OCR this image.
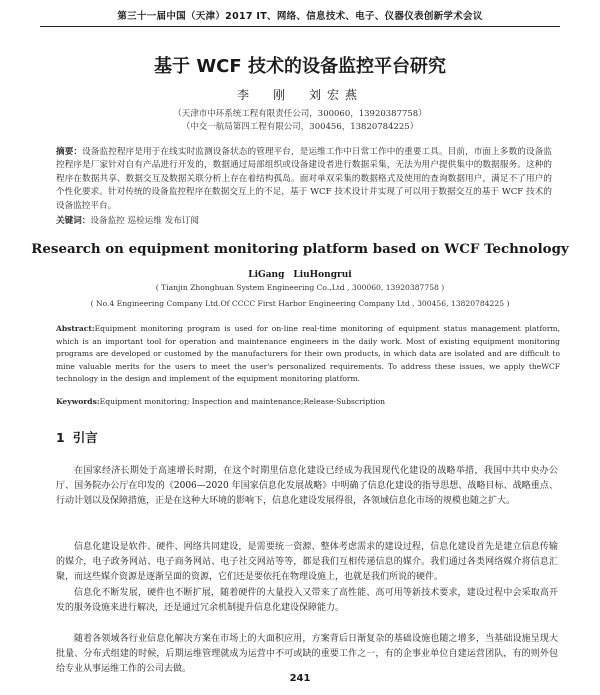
第三十一届中国（天津）2017 IT、网络、信息技术、电子、仪器仪表创新学术会议
基于 WCF 技术的设备监控平台研究
李　刚　刘宏燕
（天津市中环系统工程有限责任公司，300060，13920387758）
（中交一航局第四工程有限公司，300456，13820784225）
摘要：设备监控程序是用于在线实时监测设备状态的管理平台，是运维工作中日常工作中的重要工具。目前，市面上多数的设备监控程序是厂家针对自有产品进行开发的，数据通过局部组织或设备建设者进行数据采集，无法为用户提供集中的数据服务。这种的程序在数据共享、数据交互及数据关联分析上存在着结构孤岛。面对单双采集的数据格式及使用的查询数据用户，满足不了用户的个性化要求。针对传统的设备监控程序在数据交互上的不足，基于 WCF 技术设计并实现了可以用于数据交互的基于 WCF 技术的设备监控平台。
关键词：设备监控 巡检运维 发布订阅
Research on equipment monitoring platform based on WCF Technology
LiGang　LiuHongrui
( Tianjin Zhonghuan System Engineering Co.,Ltd , 300060, 13920387758 )
( No.4 Engineering Company Ltd.Of CCCC First Harbor Engineering Company Ltd , 300456, 13820784225 )
Abstract:Equipment monitoring program is used for on-line real-time monitoring of equipment status management platform, which is an important tool for operation and maintenance engineers in the daily work. Most of existing equipment monitoring programs are developed or customed by the manufacturers for their own products, in which data are isolated and are difficult to mine valuable merits for the users to meet the user's personalized requirements. To address these issues, we apply theWCF technology in the design and implement of the equipment monitoring platform.
Keywords:Equipment monitoring; Inspection and maintenance;Release-Subscription
1 引言

在国家经济长期处于高速增长时期，在这个时期里信息化建设已经成为我国现代化建设的战略举措，我国中共中央办公厅、国务院办公厅在印发的《2006—2020 年国家信息化发展战略》中明确了信息化建设的指导思想、战略目标、战略重点、行动计划以及保障措施，正是在这种大环境的影响下，信息化建设发展得很，各领域信息化市场的规模也随之扩大。

信息化建设是软件、硬件、网络共同建设，是需要统一资源、整体考虑需求的建设过程，信息化建设首先是建立信息传输的媒介，电子政务网站、电子商务网站、电子社交网站等等，都是我们互相传递信息的媒介。我们通过各类网络媒介将信息汇聚，而这些媒介资源是逐渐呈面的资源，它们还是要依托在物理设施上，也就是我们所说的硬件。

信息化不断发展，硬件也不断扩展，随着硬件的大量投入又带来了高性能、高可用等新技术要求，建设过程中会采取高开发的服务设施来进行解决，还是通过冗余机制提升信息化建设保障能力。

随着各领域各行业信息化解决方案在市场上的大面积应用，方案背后日渐复杂的基础设施也随之增多，当基础设施呈现大批量、分布式组建的时候，后期运维管理就成为运营中不可或缺的重要工作之一，有的企事业单位自建运营团队，有的则外包给专业从事运维工作的公司去做。

241
